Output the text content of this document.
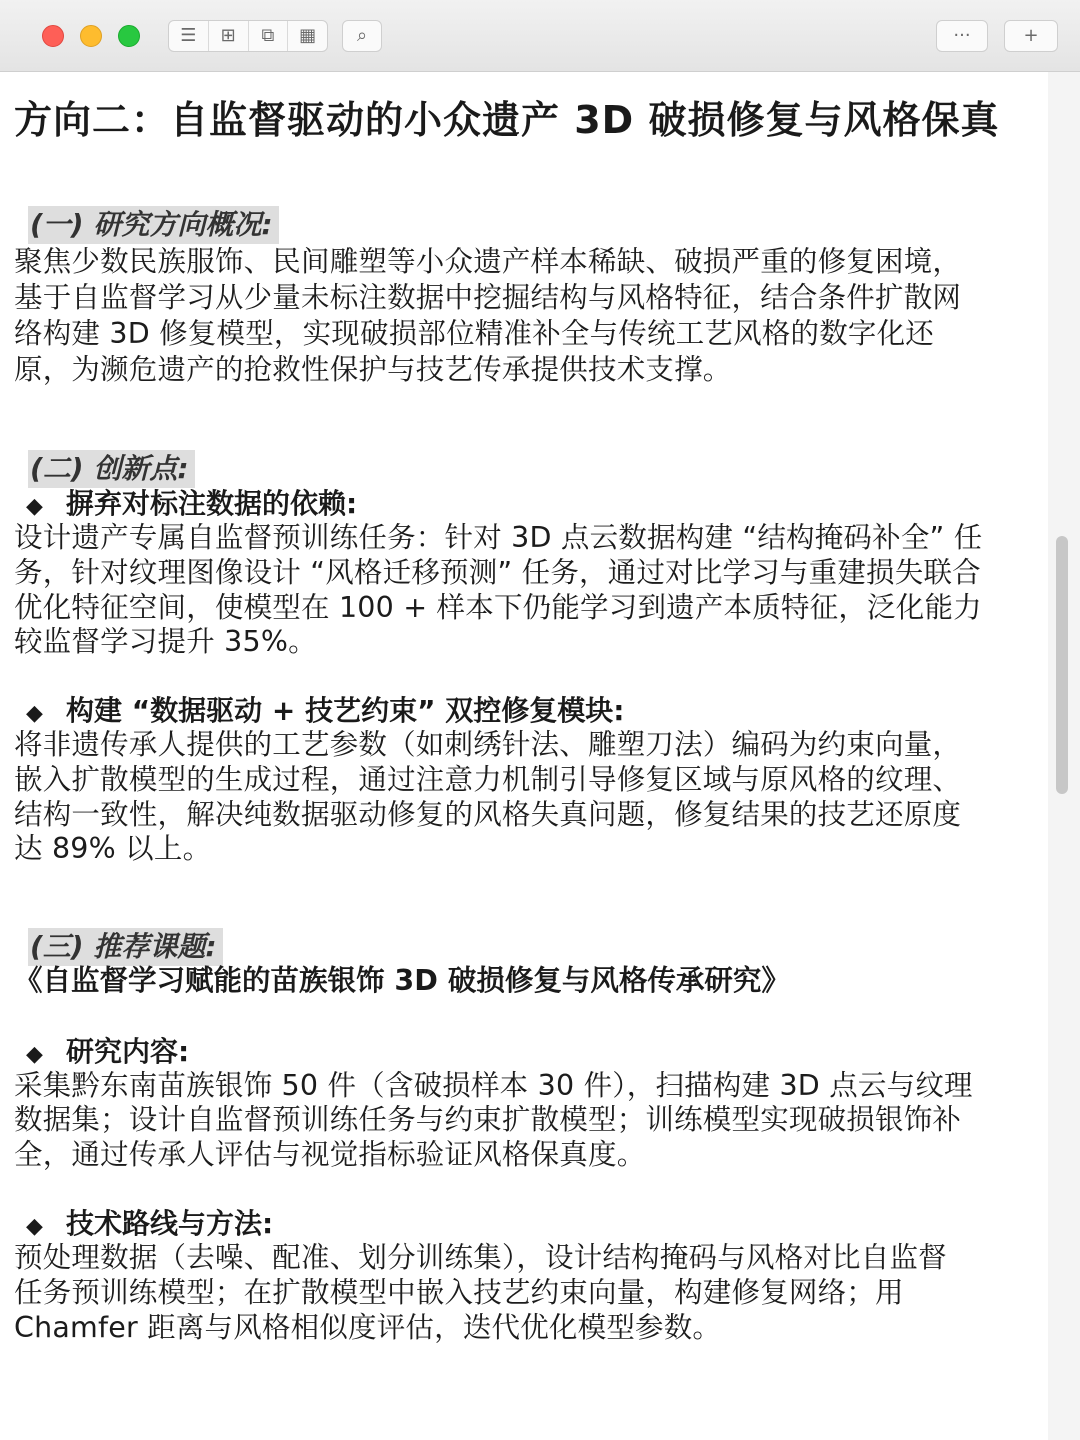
☰ ⊞ ⧉ ▦ ⌕	···	+
方向二：自监督驱动的小众遗产 3D 破损修复与风格保真
(一) 研究方向概况:
聚焦少数民族服饰、民间雕塑等小众遗产样本稀缺、破损严重的修复困境，
基于自监督学习从少量未标注数据中挖掘结构与风格特征，结合条件扩散网
络构建 3D 修复模型，实现破损部位精准补全与传统工艺风格的数字化还
原，为濒危遗产的抢救性保护与技艺传承提供技术支撑。
(二) 创新点:
◆ 摒弃对标注数据的依赖:
设计遗产专属自监督预训练任务：针对 3D 点云数据构建 “结构掩码补全” 任
务，针对纹理图像设计 “风格迁移预测” 任务，通过对比学习与重建损失联合
优化特征空间，使模型在 100 + 样本下仍能学习到遗产本质特征，泛化能力
较监督学习提升 35%。
◆ 构建 “数据驱动 + 技艺约束” 双控修复模块:
将非遗传承人提供的工艺参数（如刺绣针法、雕塑刀法）编码为约束向量，
嵌入扩散模型的生成过程，通过注意力机制引导修复区域与原风格的纹理、
结构一致性，解决纯数据驱动修复的风格失真问题，修复结果的技艺还原度
达 89% 以上。
(三) 推荐课题:
《自监督学习赋能的苗族银饰 3D 破损修复与风格传承研究》
◆ 研究内容:
采集黔东南苗族银饰 50 件（含破损样本 30 件），扫描构建 3D 点云与纹理
数据集；设计自监督预训练任务与约束扩散模型；训练模型实现破损银饰补
全，通过传承人评估与视觉指标验证风格保真度。
◆ 技术路线与方法:
预处理数据（去噪、配准、划分训练集），设计结构掩码与风格对比自监督
任务预训练模型；在扩散模型中嵌入技艺约束向量，构建修复网络；用
Chamfer 距离与风格相似度评估，迭代优化模型参数。
